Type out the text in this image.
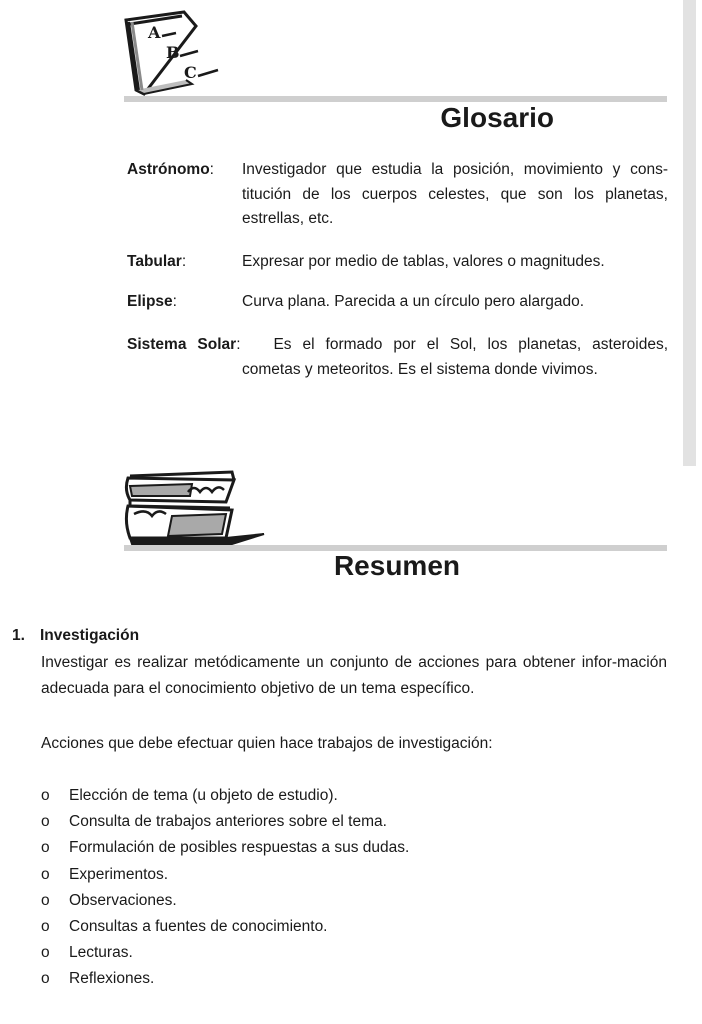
A
B
C
Glosario
Astrónomo: Investigador que estudia la posición, movimiento y cons-titución de los cuerpos celestes, que son los planetas, estrellas, etc.
Tabular:	Expresar por medio de tablas, valores o magnitudes.
Elipse:	Curva plana. Parecida a un círculo pero alargado.
Sistema Solar: Es el formado por el Sol, los planetas, asteroides,
cometas y meteoritos. Es el sistema donde vivimos.
Resumen
1. Investigación
Investigar es realizar metódicamente un conjunto de acciones para obtener infor-mación adecuada para el conocimiento objetivo de un tema específico.
Acciones que debe efectuar quien hace trabajos de investigación:
o Elección de tema (u objeto de estudio).
o Consulta de trabajos anteriores sobre el tema.
o Formulación de posibles respuestas a sus dudas.
o Experimentos.
o Observaciones.
o Consultas a fuentes de conocimiento.
o Lecturas.
o Reflexiones.
